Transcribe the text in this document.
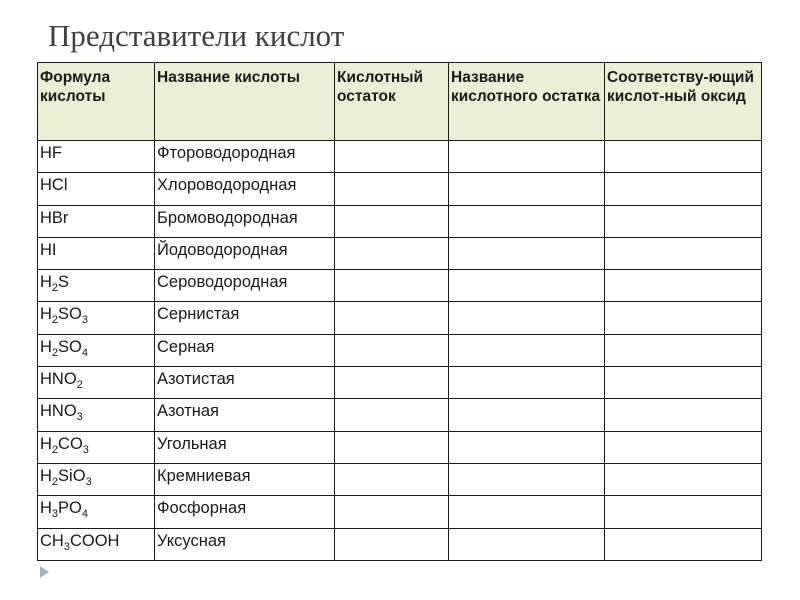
Представители кислот
Формула кислоты	Название кислоты	Кислотный остаток	Название кислотного остатка	Соответству-ющий кислот-ный оксид
HF	Фтороводородная			
HCl	Хлороводородная			
HBr	Бромоводородная			
HI	Йодоводородная			
$H_2S$	Сероводородная			
$H_2SO_3$	Сернистая			
$H_2SO_4$	Серная			
$HNO_2$	Азотистая			
$HNO_3$	Азотная			
$H_2CO_3$	Угольная			
$H_2SiO_3$	Кремниевая			
$H_3PO_4$	Фосфорная			
$CH_3COOH$	Уксусная			
